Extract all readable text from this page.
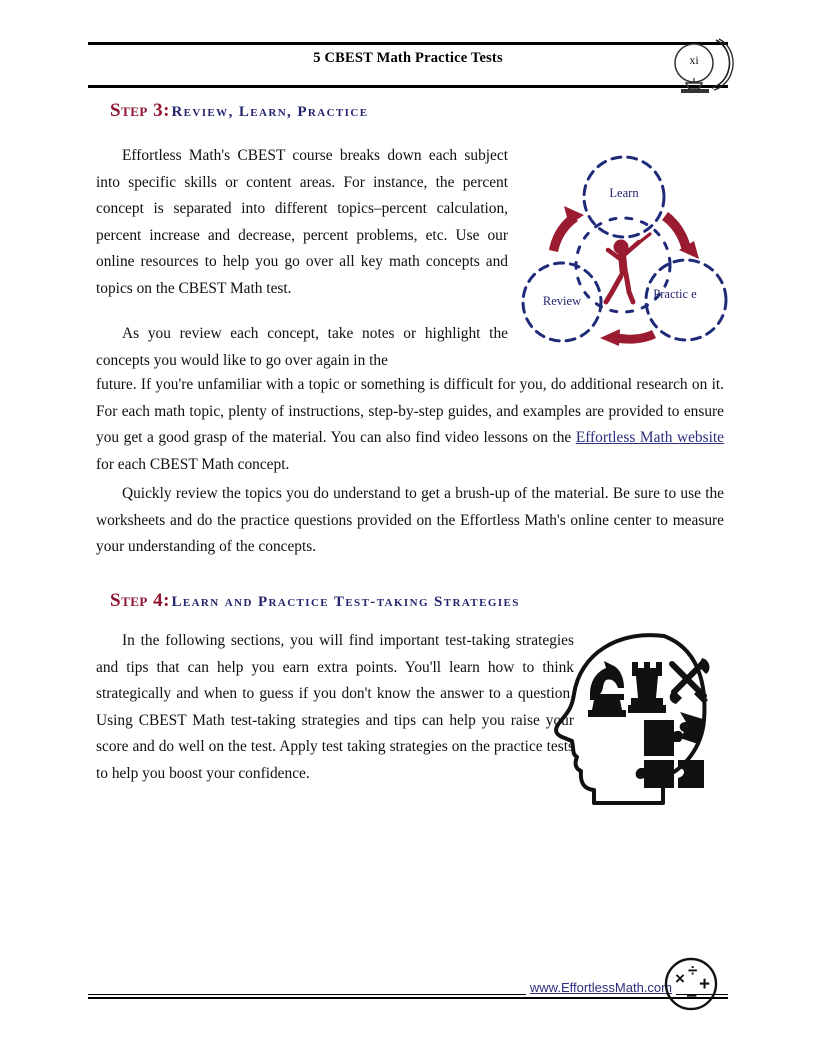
5 CBEST Math Practice Tests	xi
Step 3: Review, Learn, Practice
Effortless Math's CBEST course breaks down each subject into specific skills or content areas. For instance, the percent concept is separated into different topics–percent calculation, percent increase and decrease, percent problems, etc. Use our online resources to help you go over all key math concepts and topics on the CBEST Math test.
As you review each concept, take notes or highlight the concepts you would like to go over again in the
future. If you're unfamiliar with a topic or something is difficult for you, do additional research on it. For each math topic, plenty of instructions, step-by-step guides, and examples are provided to ensure you get a good grasp of the material. You can also find video lessons on the Effortless Math website for each CBEST Math concept.
Quickly review the topics you do understand to get a brush-up of the material. Be sure to use the worksheets and do the practice questions provided on the Effortless Math's online center to measure your understanding of the concepts.
Learn
Review	Practic e
Step 4: Learn and Practice Test-taking Strategies
In the following sections, you will find important test-taking strategies and tips that can help you earn extra points. You'll learn how to think strategically and when to guess if you don't know the answer to a question. Using CBEST Math test-taking strategies and tips can help you raise your score and do well on the test. Apply test taking strategies on the practice tests to help you boost your confidence.
www.EffortlessMath.com × ÷
+
−
